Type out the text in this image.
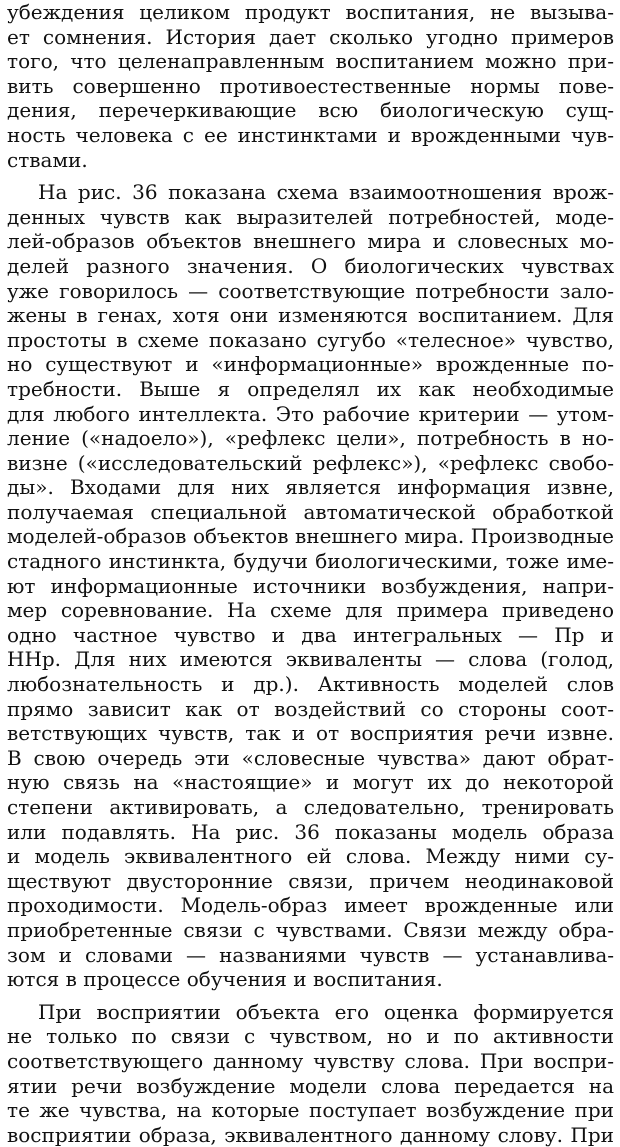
убеждения целиком продукт воспитания, не вызыва-
ет сомнения. История дает сколько угодно примеров
того, что целенаправленным воспитанием можно при-
вить совершенно противоестественные нормы пове-
дения, перечеркивающие всю биологическую сущ-
ность человека с ее инстинктами и врожденными чув-
ствами.
На рис. 36 показана схема взаимоотношения врож-
денных чувств как выразителей потребностей, моде-
лей-образов объектов внешнего мира и словесных мо-
делей разного значения. О биологических чувствах
уже говорилось — соответствующие потребности зало-
жены в генах, хотя они изменяются воспитанием. Для
простоты в схеме показано сугубо «телесное» чувство,
но существуют и «информационные» врожденные по-
требности. Выше я определял их как необходимые
для любого интеллекта. Это рабочие критерии — утом-
ление («надоело»), «рефлекс цели», потребность в но-
визне («исследовательский рефлекс»), «рефлекс свобо-
ды». Входами для них является информация извне,
получаемая специальной автоматической обработкой
моделей-образов объектов внешнего мира. Производные
стадного инстинкта, будучи биологическими, тоже име-
ют информационные источники возбуждения, напри-
мер соревнование. На схеме для примера приведено
одно частное чувство и два интегральных — Пр и
ННр. Для них имеются эквиваленты — слова (голод,
любознательность и др.). Активность моделей слов
прямо зависит как от воздействий со стороны соот-
ветствующих чувств, так и от восприятия речи извне.
В свою очередь эти «словесные чувства» дают обрат-
ную связь на «настоящие» и могут их до некоторой
степени активировать, а следовательно, тренировать
или подавлять. На рис. 36 показаны модель образа
и модель эквивалентного ей слова. Между ними су-
ществуют двусторонние связи, причем неодинаковой
проходимости. Модель-образ имеет врожденные или
приобретенные связи с чувствами. Связи между обра-
зом и словами — названиями чувств — устанавлива-
ются в процессе обучения и воспитания.
При восприятии объекта его оценка формируется
не только по связи с чувством, но и по активности
соответствующего данному чувству слова. При воспри-
ятии речи возбуждение модели слова передается на
те же чувства, на которые поступает возбуждение при
восприятии образа, эквивалентного данному слову. При
